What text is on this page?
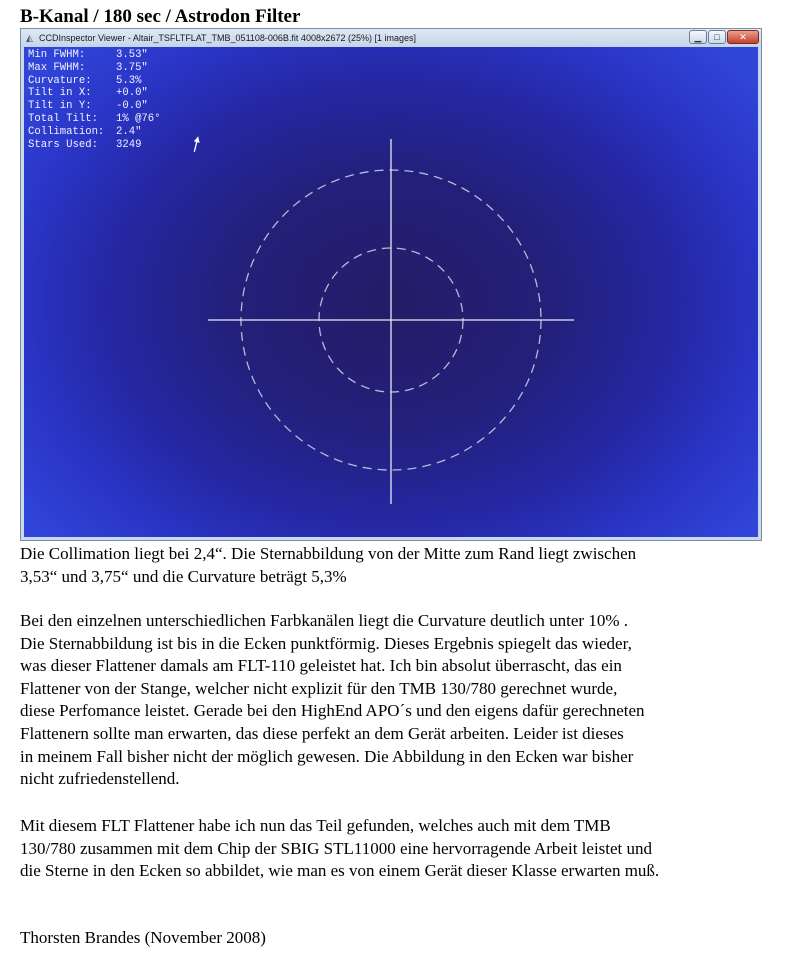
B-Kanal / 180 sec / Astrodon Filter
◭ CCDInspector Viewer - Altair_TSFLTFLAT_TMB_051108-006B.fit 4008x2672 (25%) [1 images]	▁	□	✕
Min FWHM:	3.53"
Max FWHM:	3.75"
Curvature: 5.3%
Tilt in X: +0.0"
Tilt in Y: -0.0"
Total Tilt: 1% @76°
Collimation: 2.4"
Stars Used: 3249
Die Collimation liegt bei 2,4“. Die Sternabbildung von der Mitte zum Rand liegt zwischen
3,53“ und 3,75“ und die Curvature beträgt 5,3%
Bei den einzelnen unterschiedlichen Farbkanälen liegt die Curvature deutlich unter 10% .
Die Sternabbildung ist bis in die Ecken punktförmig. Dieses Ergebnis spiegelt das wieder,
was dieser Flattener damals am FLT-110 geleistet hat. Ich bin absolut überrascht, das ein
Flattener von der Stange, welcher nicht explizit für den TMB 130/780 gerechnet wurde,
diese Perfomance leistet. Gerade bei den HighEnd APO´s und den eigens dafür gerechneten
Flattenern sollte man erwarten, das diese perfekt an dem Gerät arbeiten. Leider ist dieses
in meinem Fall bisher nicht der möglich gewesen. Die Abbildung in den Ecken war bisher
nicht zufriedenstellend.
Mit diesem FLT Flattener habe ich nun das Teil gefunden, welches auch mit dem TMB
130/780 zusammen mit dem Chip der SBIG STL11000 eine hervorragende Arbeit leistet und
die Sterne in den Ecken so abbildet, wie man es von einem Gerät dieser Klasse erwarten muß.
Thorsten Brandes (November 2008)
